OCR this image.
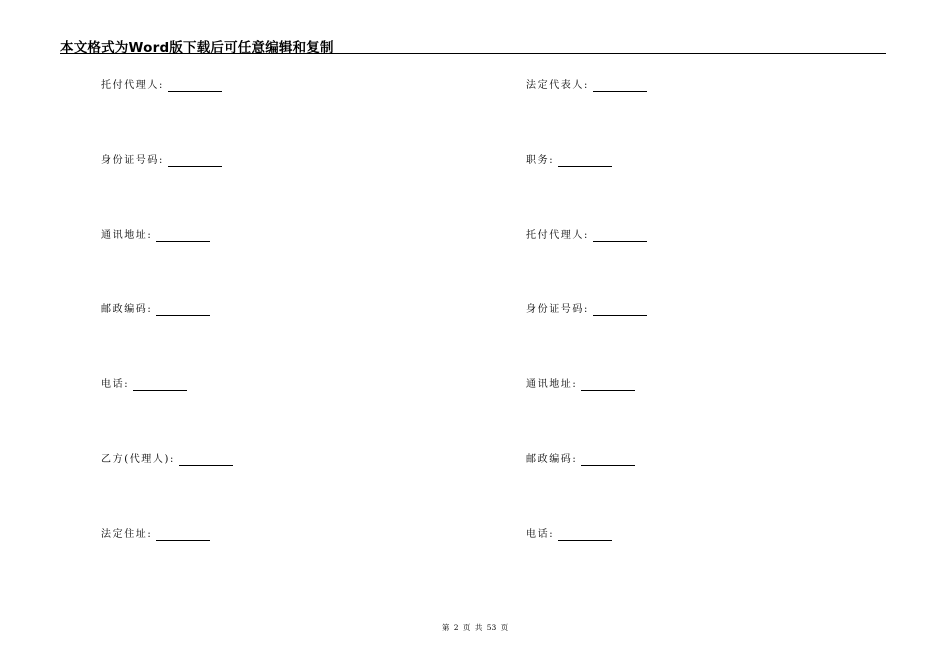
本文格式为Word版下载后可任意编辑和复制
托付代理人:
身份证号码:
通讯地址:
邮政编码:
电话:
乙方(代理人):
法定住址:
法定代表人:
职务:
托付代理人:
身份证号码:
通讯地址:
邮政编码:
电话:
第 2 页 共 53 页
